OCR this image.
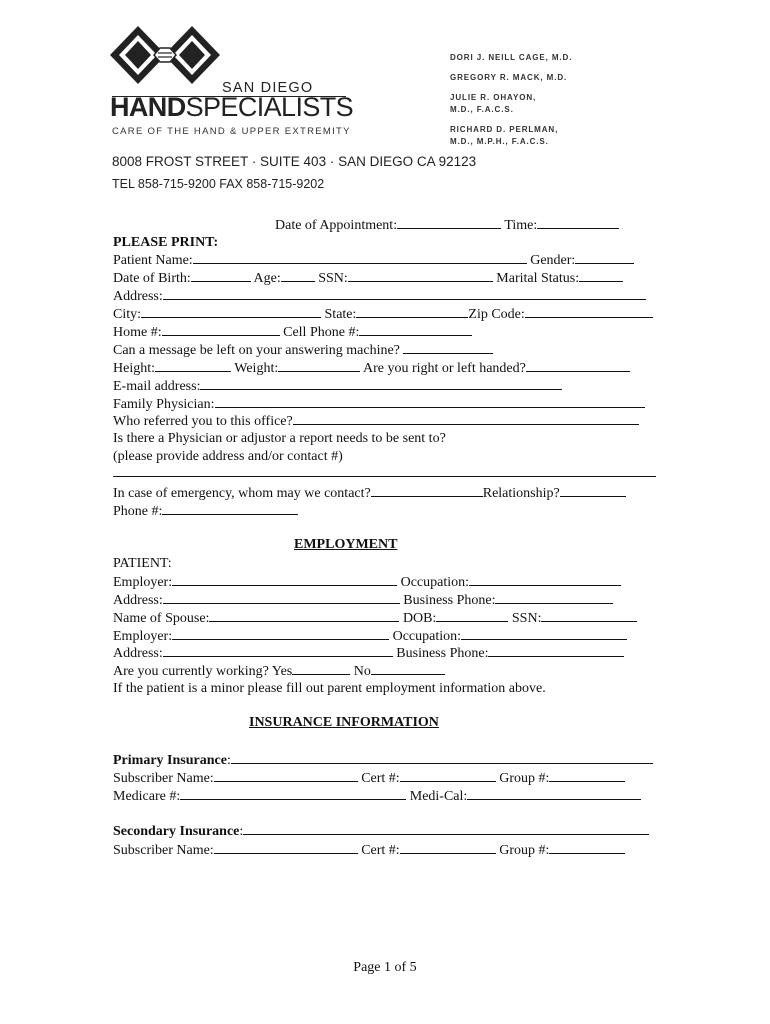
SAN DIEGO
HANDSPECIALISTS
CARE OF THE HAND & UPPER EXTREMITY
DORI J. NEILL CAGE, M.D.
GREGORY R. MACK, M.D.
JULIE R. OHAYON,
M.D., F.A.C.S.
RICHARD D. PERLMAN,
M.D., M.P.H., F.A.C.S.
8008 FROST STREET · SUITE 403 · SAN DIEGO CA 92123
TEL 858-715-9200 FAX 858-715-9202
Date of Appointment:	Time:
PLEASE PRINT:
Patient Name:	Gender:
Date of Birth:	Age:	SSN:	Marital Status:
Address:
City:	State:	Zip Code:
Home #:	Cell Phone #:
Can a message be left on your answering machine?
Height:	Weight:	Are you right or left handed?
E-mail address:
Family Physician:
Who referred you to this office?
Is there a Physician or adjustor a report needs to be sent to?
(please provide address and/or contact #)
In case of emergency, whom may we contact?	Relationship?
Phone #:
EMPLOYMENT
PATIENT:
Employer:	Occupation:
Address:	Business Phone:
Name of Spouse:	DOB:	SSN:
Employer:	Occupation:
Address:	Business Phone:
Are you currently working? Yes	No
If the patient is a minor please fill out parent employment information above.
INSURANCE INFORMATION
Primary Insurance:
Subscriber Name:	Cert #:	Group #:
Medicare #:	Medi-Cal:
Secondary Insurance:
Subscriber Name:	Cert #:	Group #:
Page 1 of 5
